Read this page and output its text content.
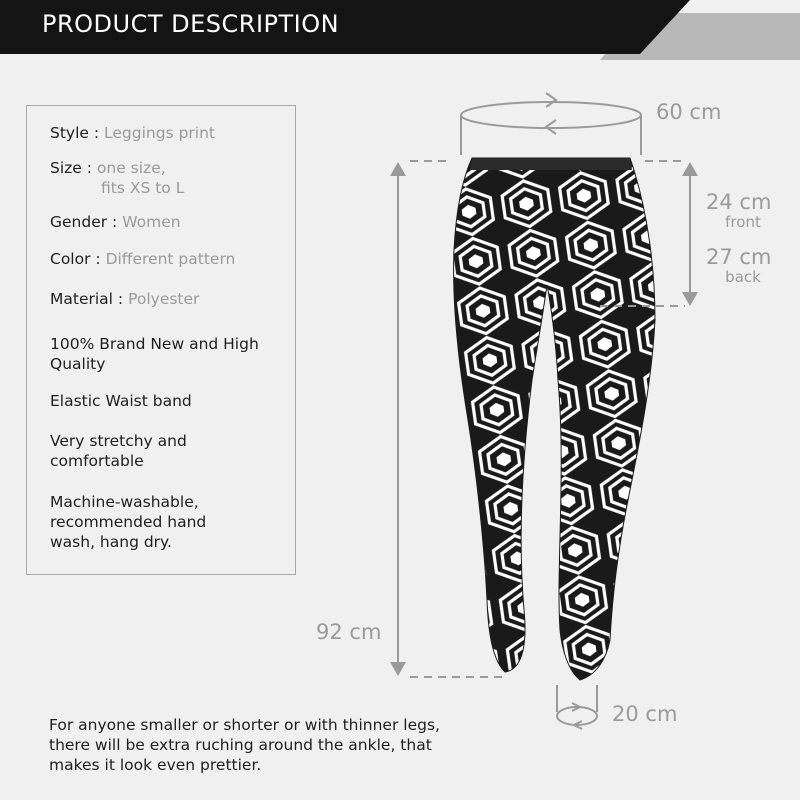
PRODUCT DESCRIPTION
Style : Leggings print
Size : one size,
fits XS to L
Gender : Women
Color : Different pattern
Material : Polyester
100% Brand New and High Quality
Elastic Waist band
Very stretchy and comfortable
Machine-washable, recommended hand wash, hang dry.
60 cm
24 cm
front
27 cm
back
92 cm
20 cm
For anyone smaller or shorter or with thinner legs, there will be extra ruching around the ankle, that makes it look even prettier.
